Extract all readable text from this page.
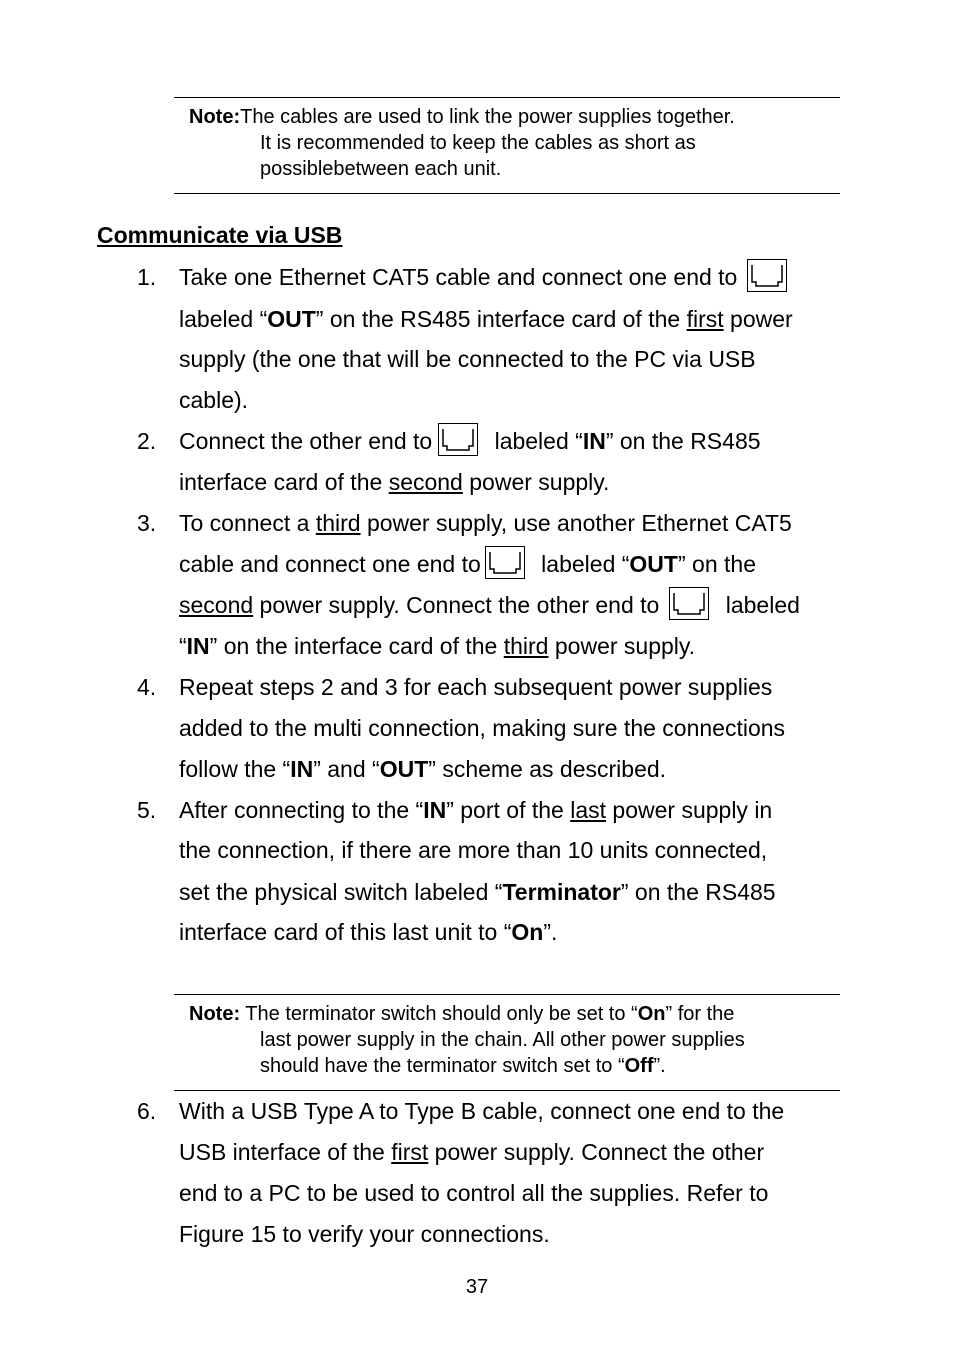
Note:The cables are used to link the power supplies together.
It is recommended to keep the cables as short as
possiblebetween each unit.
Communicate via USB
1. Take one Ethernet CAT5 cable and connect one end to
labeled “OUT” on the RS485 interface card of the first power
supply (the one that will be connected to the PC via USB
cable).
2. Connect the other end to
labeled “IN” on the RS485
interface card of the second power supply.
3. To connect a third power supply, use another Ethernet CAT5
cable and connect one end to
labeled “OUT” on the
second power supply. Connect the other end to	labeled
“IN” on the interface card of the third power supply.
4. Repeat steps 2 and 3 for each subsequent power supplies
added to the multi connection, making sure the connections
follow the “IN” and “OUT” scheme as described.
5. After connecting to the “IN” port of the last power supply in
the connection, if there are more than 10 units connected,
set the physical switch labeled “Terminator” on the RS485
interface card of this last unit to “On”.
6. With a USB Type A to Type B cable, connect one end to the
USB interface of the first power supply. Connect the other
end to a PC to be used to control all the supplies. Refer to
Figure 15 to verify your connections.
Note: The terminator switch should only be set to “On” for the
last power supply in the chain. All other power supplies
should have the terminator switch set to “Off”.
37
